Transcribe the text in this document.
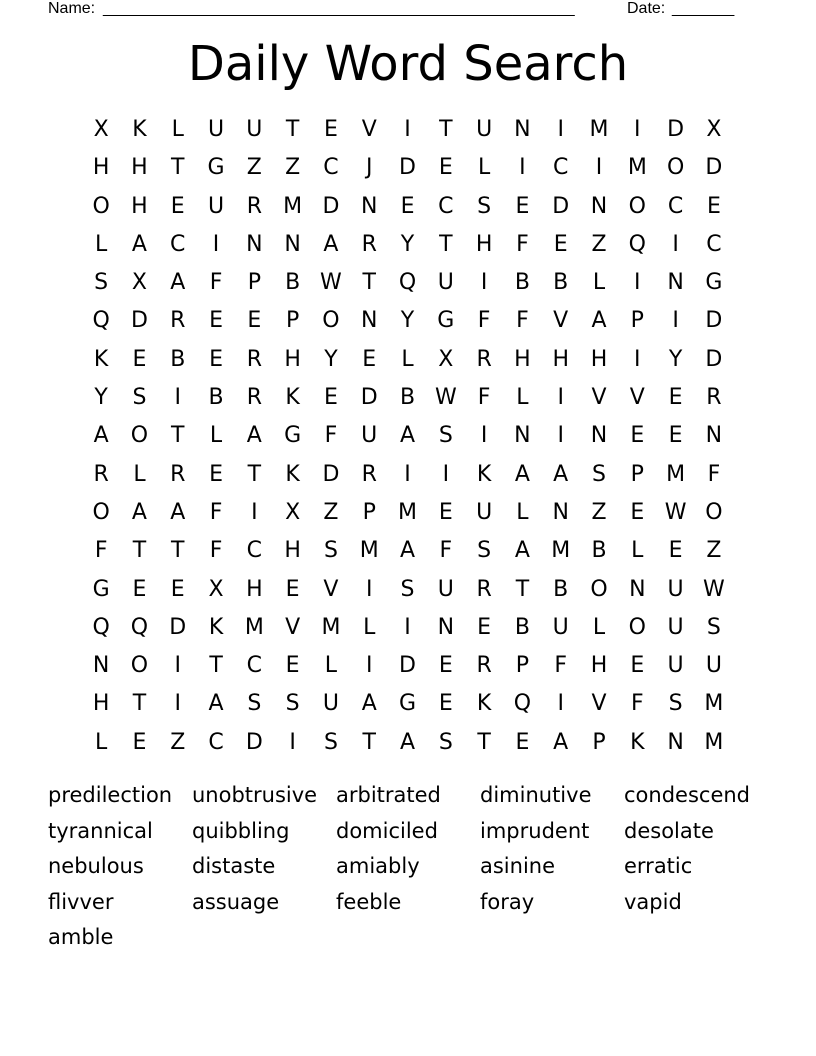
Name: _____________________________________________________	Date: _______
Daily Word Search
X	K	L	U	U	T	E	V	I	T	U	N	I	M	I	D	X
H H	T	G	Z	Z	C	J	D	E	L	I	C	I	M O D
O H	E	U	R M D N	E	C	S	E	D N O C	E
L	A	C	I	N N	A	R	Y	T	H	F	E	Z	Q	I	C
S	X	A	F	P	B W T	Q U	I	B	B	L	I	N G
Q D	R	E	E	P	O N	Y	G	F	F	V	A	P	I	D
K	E	B	E	R	H	Y	E	L	X	R	H H H	I	Y	D
Y	S	I	B	R	K	E	D	B W F	L	I	V	V	E	R
A	O	T	L	A	G	F	U	A	S	I	N	I	N	E	E	N
R	L	R	E	T	K	D	R	I	I	K	A	A	S	P	M	F
O	A	A	F	I	X	Z	P	M E	U	L	N	Z	E W O
F	T	T	F	C	H	S M A	F	S	A M B	L	E	Z
G	E	E	X	H	E	V	I	S	U	R	T	B	O N	U W
Q Q D	K M V M	L	I	N	E	B	U	L	O U	S
N O	I	T	C	E	L	I	D	E	R	P	F	H	E	U	U
H	T	I	A	S	S	U	A	G	E	K	Q	I	V	F	S M
L	E	Z	C	D	I	S	T	A	S	T	E	A	P	K	N M
predilection unobtrusive arbitrated	diminutive	condescend
tyrannical	quibbling	domiciled	imprudent	desolate
nebulous	distaste	amiably	asinine	erratic
flivver	assuage	feeble	foray	vapid
amble
